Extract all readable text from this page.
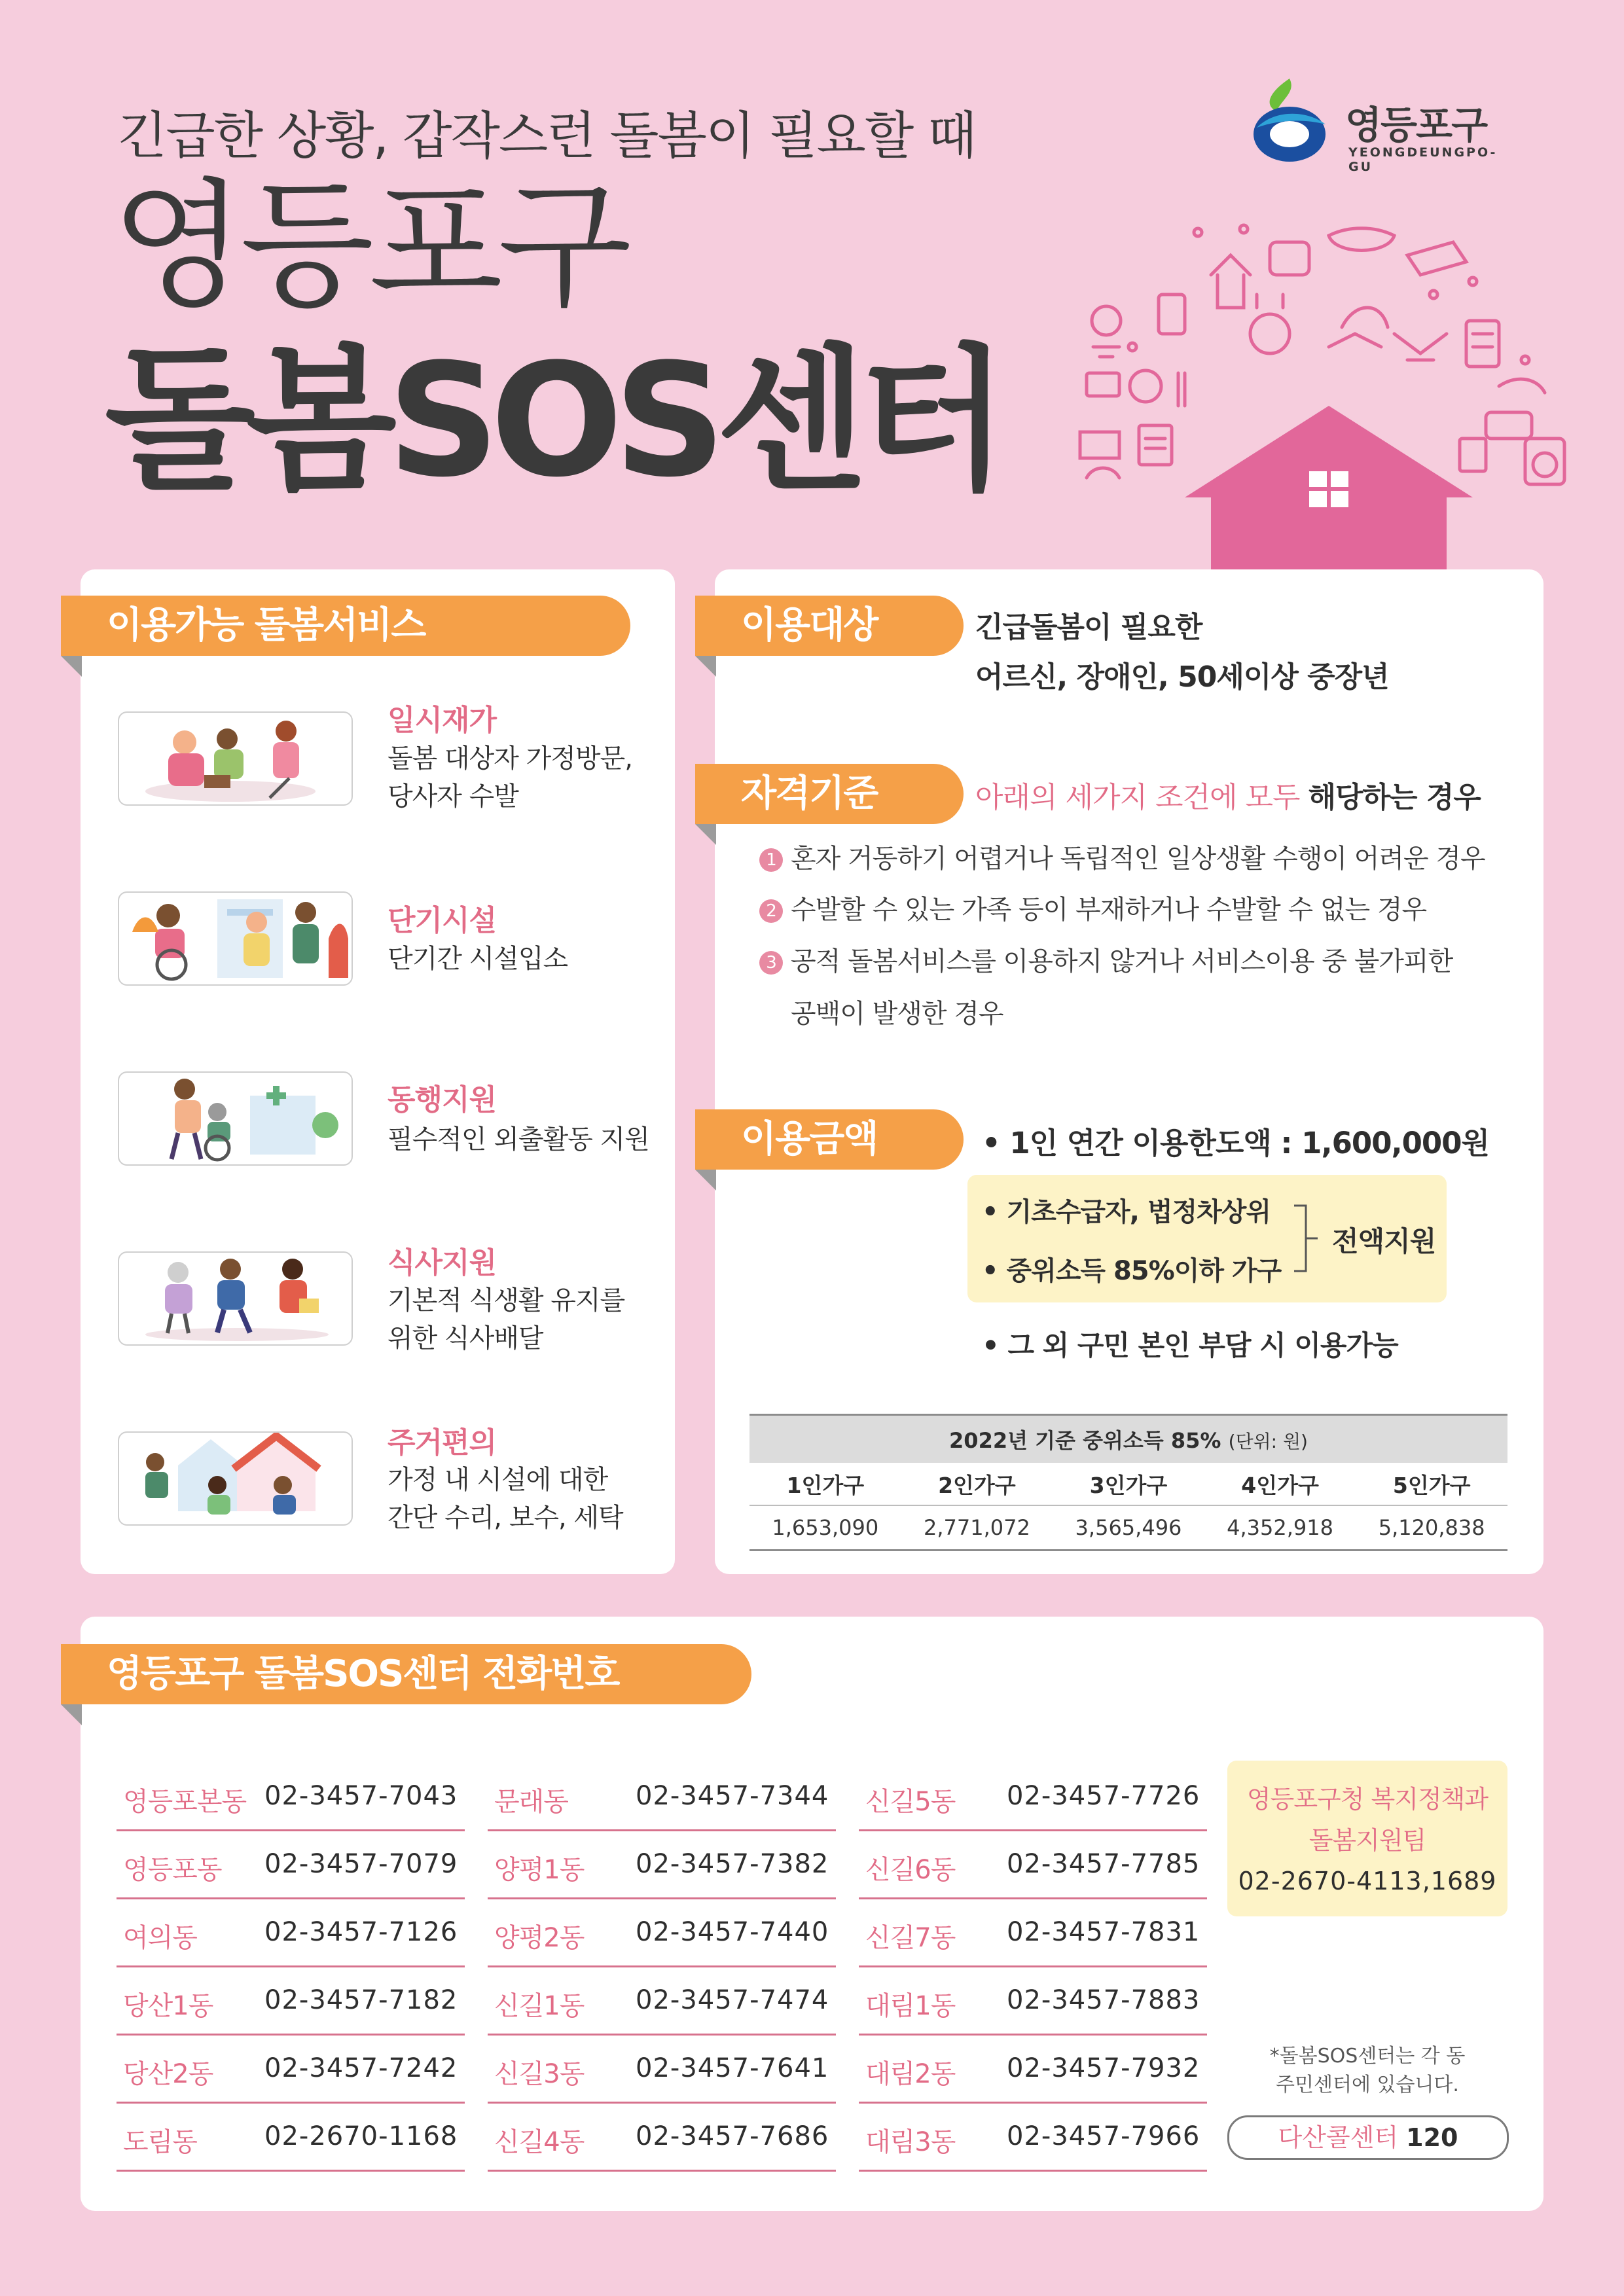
긴급한 상황, 갑작스런 돌봄이 필요할 때
영등포구
돌봄SOS센터
영등포구
YEONGDEUNGPO-GU
이용가능 돌봄서비스
일시재가
돌봄 대상자 가정방문,
당사자 수발
단기시설
단기간 시설입소
동행지원
필수적인 외출활동 지원
식사지원
기본적 식생활 유지를
위한 식사배달
주거편의
가정 내 시설에 대한
간단 수리, 보수, 세탁
이용대상	긴급돌봄이 필요한
어르신, 장애인, 50세이상 중장년
자격기준	아래의 세가지 조건에 모두 해당하는 경우
1 혼자 거동하기 어렵거나 독립적인 일상생활 수행이 어려운 경우
2 수발할 수 있는 가족 등이 부재하거나 수발할 수 없는 경우
3 공적 돌봄서비스를 이용하지 않거나 서비스이용 중 불가피한
공백이 발생한 경우
이용금액	• 1인 연간 이용한도액 : 1,600,000원
• 기초수급자, 법정차상위
• 중위소득 85%이하 가구
전액지원
• 그 외 구민 본인 부담 시 이용가능
2022년 기준 중위소득 85% (단위: 원)				
1인가구	2인가구	3인가구	4인가구	5인가구
1,653,090	2,771,072	3,565,496	4,352,918	5,120,838
영등포구 돌봄SOS센터 전화번호
영등포본동 02-3457-7043
영등포동 02-3457-7079
여의동	02-3457-7126
당산1동 02-3457-7182
당산2동 02-3457-7242
도림동	02-2670-1168
문래동	02-3457-7344
양평1동 02-3457-7382
양평2동 02-3457-7440
신길1동 02-3457-7474
신길3동 02-3457-7641
신길4동 02-3457-7686
신길5동 02-3457-7726
신길6동 02-3457-7785
신길7동 02-3457-7831
대림1동 02-3457-7883
대림2동 02-3457-7932
대림3동 02-3457-7966
영등포구청 복지정책과
돌봄지원팀
02-2670-4113,1689
*돌봄SOS센터는 각 동
주민센터에 있습니다.
다산콜센터 120
